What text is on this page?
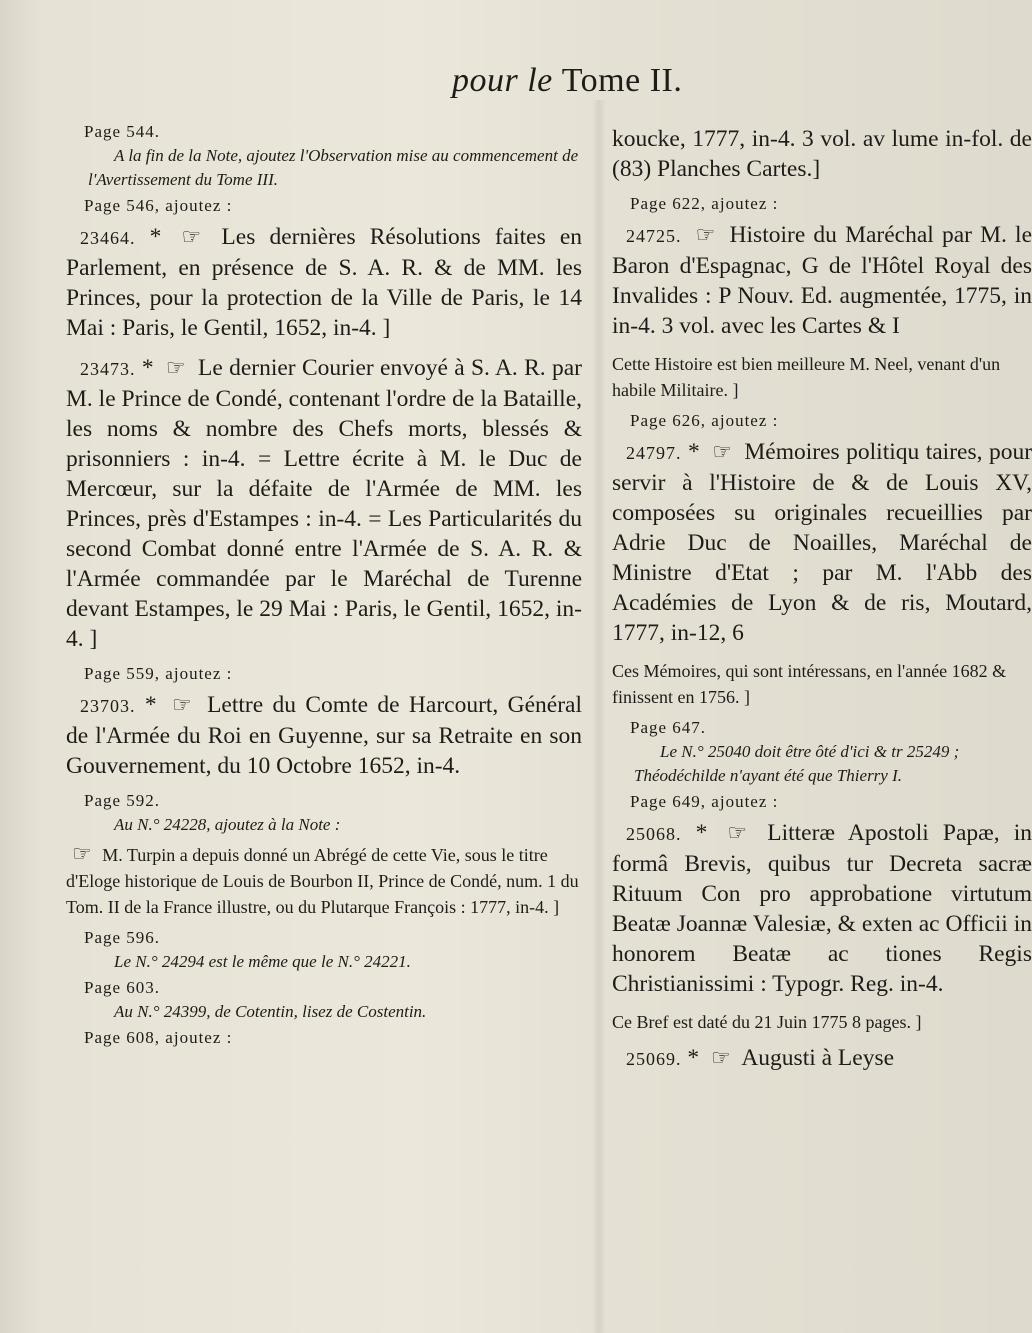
pour le Tome II.
Page 544.
A la fin de la Note, ajoutez l'Observation mise au commencement de l'Avertissement du Tome III.
Page 546, ajoutez :
23464. * ☞ Les dernières Résolutions faites en Parlement, en présence de S. A. R. & de MM. les Princes, pour la protection de la Ville de Paris, le 14 Mai : Paris, le Gentil, 1652, in-4. ]
23473. * ☞ Le dernier Courier envoyé à S. A. R. par M. le Prince de Condé, contenant l'ordre de la Bataille, les noms & nombre des Chefs morts, blessés & prisonniers : in-4. = Lettre écrite à M. le Duc de Mercœur, sur la défaite de l'Armée de MM. les Princes, près d'Estampes : in-4. = Les Particularités du second Combat donné entre l'Armée de S. A. R. & l'Armée commandée par le Maréchal de Turenne devant Estampes, le 29 Mai : Paris, le Gentil, 1652, in-4. ]
Page 559, ajoutez :
23703. * ☞ Lettre du Comte de Harcourt, Général de l'Armée du Roi en Guyenne, sur sa Retraite en son Gouvernement, du 10 Octobre 1652, in-4.
Page 592.
Au N.° 24228, ajoutez à la Note :
☞ M. Turpin a depuis donné un Abrégé de cette Vie, sous le titre d'Eloge historique de Louis de Bourbon II, Prince de Condé, num. 1 du Tom. II de la France illustre, ou du Plutarque François : 1777, in-4. ]
Page 596.
Le N.° 24294 est le même que le N.° 24221.
Page 603.
Au N.° 24399, de Cotentin, lisez de Costentin.
Page 608, ajoutez :
koucke, 1777, in-4. 3 vol. av lume in-fol. de (83) Planches Cartes.]
Page 622, ajoutez :
24725. ☞ Histoire du Maréchal par M. le Baron d'Espagnac, G de l'Hôtel Royal des Invalides : P Nouv. Ed. augmentée, 1775, in in-4. 3 vol. avec les Cartes & I
Cette Histoire est bien meilleure M. Neel, venant d'un habile Militaire. ]
Page 626, ajoutez :
24797. * ☞ Mémoires politiqu taires, pour servir à l'Histoire de & de Louis XV, composées su originales recueillies par Adrie Duc de Noailles, Maréchal de Ministre d'Etat ; par M. l'Abb des Académies de Lyon & de ris, Moutard, 1777, in-12, 6
Ces Mémoires, qui sont intéressans, en l'année 1682 & finissent en 1756. ]
Page 647.
Le N.° 25040 doit être ôté d'ici & tr 25249 ; Théodéchilde n'ayant été que Thierry I.
Page 649, ajoutez :
25068. * ☞ Litteræ Apostoli Papæ, in formâ Brevis, quibus tur Decreta sacræ Rituum Con pro approbatione virtutum Beatæ Joannæ Valesiæ, & exten ac Officii in honorem Beatæ ac tiones Regis Christianissimi : Typogr. Reg. in-4.
Ce Bref est daté du 21 Juin 1775 8 pages. ]
25069. * ☞ Augusti à Leyse
